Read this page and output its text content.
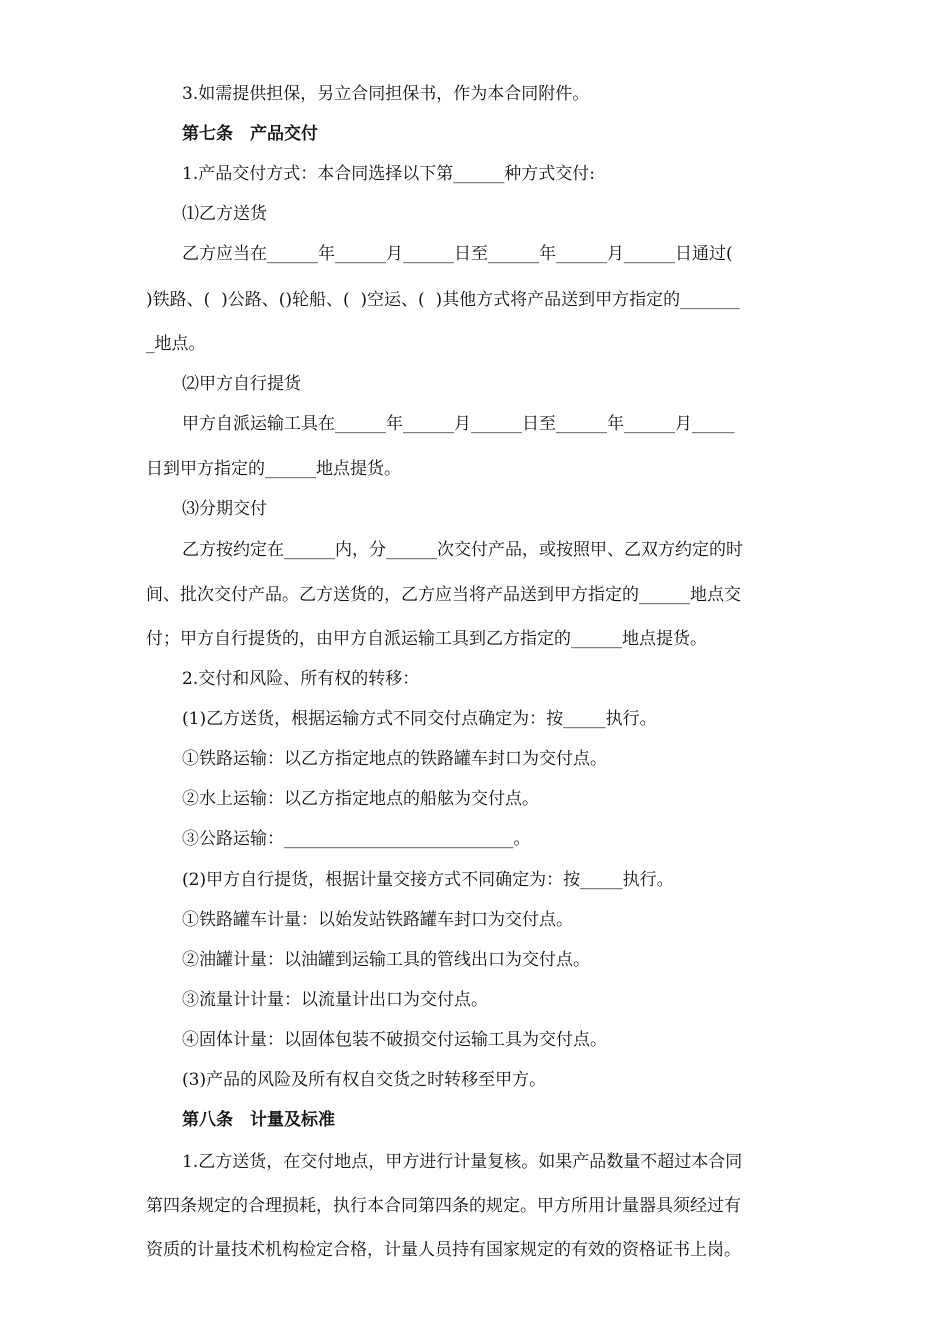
3.如需提供担保，另立合同担保书，作为本合同附件。

第七条　产品交付

1.产品交付方式：本合同选择以下第______种方式交付:

⑴乙方送货

乙方应当在______年______月______日至______年______月______日通过(

)铁路、(  )公路、()轮船、(  )空运、(  )其他方式将产品送到甲方指定的_______

_地点。

⑵甲方自行提货

甲方自派运输工具在______年______月______日至______年______月_____

日到甲方指定的______地点提货。

⑶分期交付

乙方按约定在______内，分______次交付产品，或按照甲、乙双方约定的时

间、批次交付产品。乙方送货的，乙方应当将产品送到甲方指定的______地点交

付；甲方自行提货的，由甲方自派运输工具到乙方指定的______地点提货。

2.交付和风险、所有权的转移：

(1)乙方送货，根据运输方式不同交付点确定为：按_____执行。

①铁路运输：以乙方指定地点的铁路罐车封口为交付点。

②水上运输：以乙方指定地点的船舷为交付点。

③公路运输：___________________________。

(2)甲方自行提货，根据计量交接方式不同确定为：按_____执行。

①铁路罐车计量：以始发站铁路罐车封口为交付点。

②油罐计量：以油罐到运输工具的管线出口为交付点。

③流量计计量：以流量计出口为交付点。

④固体计量：以固体包装不破损交付运输工具为交付点。

(3)产品的风险及所有权自交货之时转移至甲方。

第八条　计量及标准

1.乙方送货，在交付地点，甲方进行计量复核。如果产品数量不超过本合同

第四条规定的合理损耗，执行本合同第四条的规定。甲方所用计量器具须经过有

资质的计量技术机构检定合格，计量人员持有国家规定的有效的资格证书上岗。
